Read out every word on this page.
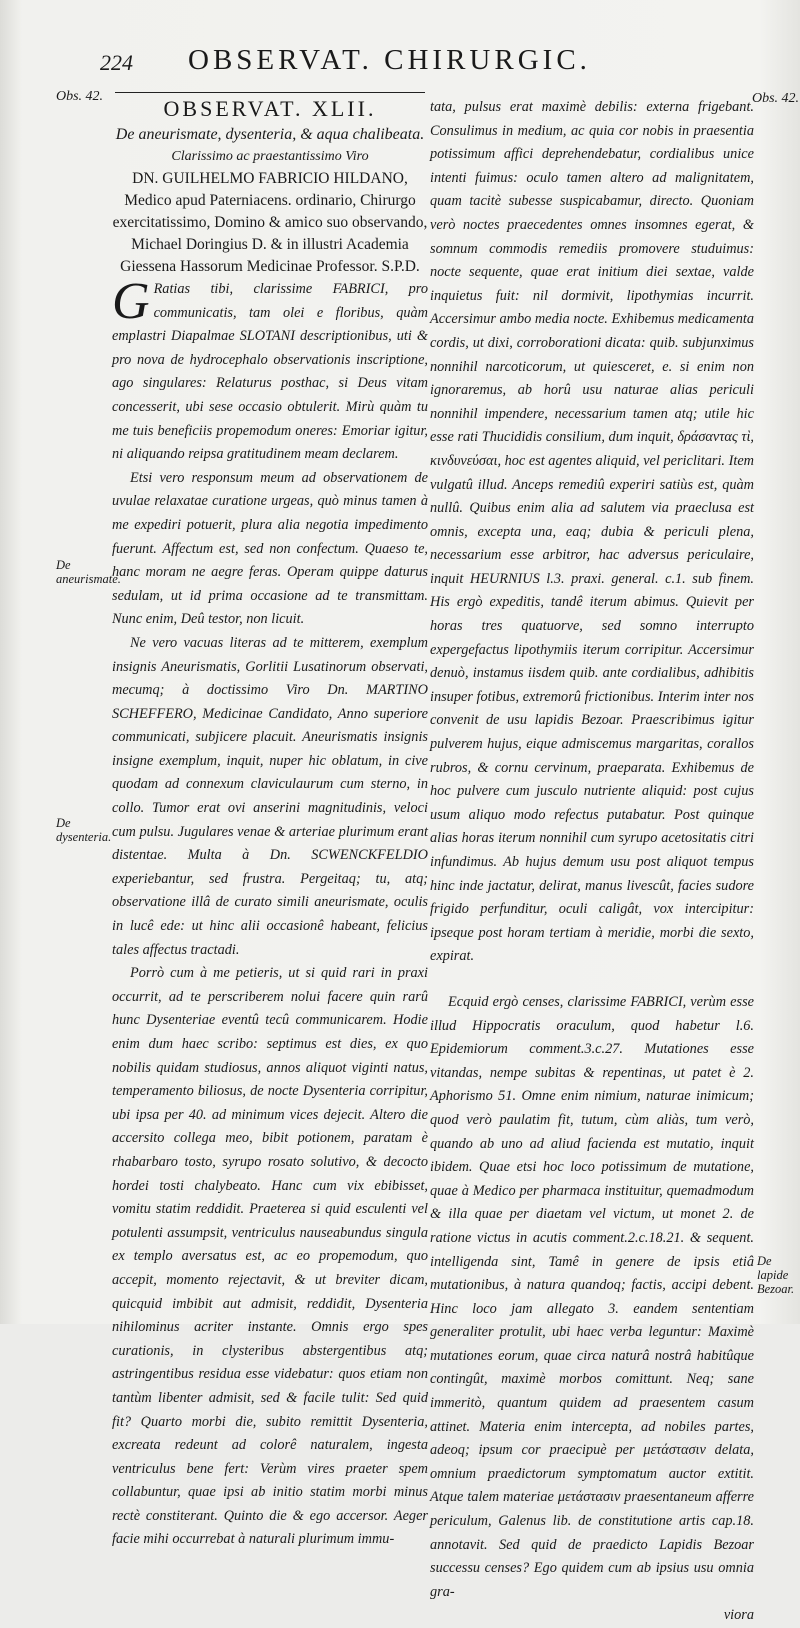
224 OBSERVAT. CHIRURGIC.
Obs. 42.	Obs. 42.
De aneurismate.
De dysenteria.
De lapide Bezoar.

OBSERVAT. XLII.

De aneurismate, dysenteria, & aqua chalibeata.

Clarissimo ac praestantissimo Viro

DN. GUILHELMO FABRICIO HILDANO, Medico apud Paterniacens. ordinario, Chirurgo exercitatissimo, Domino & amico suo observando, Michael Doringius D. & in illustri Academia Giessena Hassorum Medicinae Professor. S.P.D.

G Ratias tibi, clarissime FABRICI, pro communicatis, tam olei e floribus, quàm emplastri Diapalmae SLOTANI descriptionibus, uti & pro nova de hydrocephalo observationis inscriptione, ago singulares: Relaturus posthac, si Deus vitam concesserit, ubi sese occasio obtulerit. Mirù quàm tu me tuis beneficiis propemodum oneres: Emoriar igitur, ni aliquando reipsa gratitudinem meam declarem.

Etsi vero responsum meum ad observationem de uvulae relaxatae curatione urgeas, quò minus tamen à me expediri potuerit, plura alia negotia impedimento fuerunt. Affectum est, sed non confectum. Quaeso te, hanc moram ne aegre feras. Operam quippe daturus sedulam, ut id prima occasione ad te transmittam. Nunc enim, Deû testor, non licuit.

Ne vero vacuas literas ad te mitterem, exemplum insignis Aneurismatis, Gorlitii Lusatinorum observati, mecumq; à doctissimo Viro Dn. MARTINO SCHEFFERO, Medicinae Candidato, Anno superiore communicati, subjicere placuit. Aneurismatis insignis insigne exemplum, inquit, nuper hic oblatum, in cive quodam ad connexum claviculaurum cum sterno, in collo. Tumor erat ovi anserini magnitudinis, veloci cum pulsu. Jugulares venae & arteriae plurimum erant distentae. Multa à Dn. SCWENCKFELDIO experiebantur, sed frustra. Pergeitaq; tu, atq; observatione illâ de curato simili aneurismate, oculis in lucê ede: ut hinc alii occasionê habeant, felicius tales affectus tractadi.

Porrò cum à me petieris, ut si quid rari in praxi occurrit, ad te perscriberem nolui facere quin rarû hunc Dysenteriae eventû tecû communicarem. Hodie enim dum haec scribo: septimus est dies, ex quo nobilis quidam studiosus, annos aliquot viginti natus, temperamento biliosus, de nocte Dysenteria corripitur, ubi ipsa per 40. ad minimum vices dejecit. Altero die accersito collega meo, bibit potionem, paratam è rhabarbaro tosto, syrupo rosato solutivo, & decocto hordei tosti chalybeato. Hanc cum vix ebibisset, vomitu statim reddidit. Praeterea si quid esculenti vel potulenti assumpsit, ventriculus nauseabundus singula ex templo aversatus est, ac eo propemodum, quo accepit, momento rejectavit, & ut breviter dicam, quicquid imbibit aut admisit, reddidit, Dysenteria nihilominus acriter instante. Omnis ergo spes curationis, in clysteribus abstergentibus atq; astringentibus residua esse videbatur: quos etiam non tantùm libenter admisit, sed & facile tulit: Sed quid fit? Quarto morbi die, subito remittit Dysenteria, excreata redeunt ad colorê naturalem, ingesta ventriculus bene fert: Verùm vires praeter spem collabuntur, quae ipsi ab initio statim morbi minus rectè constiterant. Quinto die & ego accersor. Aeger facie mihi occurrebat à naturali plurimum immu-

tata, pulsus erat maximè debilis: externa frigebant. Consulimus in medium, ac quia cor nobis in praesentia potissimum affici deprehendebatur, cordialibus unice intenti fuimus: oculo tamen altero ad malignitatem, quam tacitè subesse suspicabamur, directo. Quoniam verò noctes praecedentes omnes insomnes egerat, & somnum commodis remediis promovere studuimus: nocte sequente, quae erat initium diei sextae, valde inquietus fuit: nil dormivit, lipothymias incurrit. Accersimur ambo media nocte. Exhibemus medicamenta cordis, ut dixi, corroborationi dicata: quib. subjunximus nonnihil narcoticorum, ut quiesceret, e. si enim non ignoraremus, ab horû usu naturae alias periculi nonnihil impendere, necessarium tamen atq; utile hic esse rati Thucididis consilium, dum inquit, δράσαντας τὶ, κινδυνεύσαι, hoc est agentes aliquid, vel periclitari. Item vulgatû illud. Anceps remediû experiri satiùs est, quàm nullû. Quibus enim alia ad salutem via praeclusa est omnis, excepta una, eaq; dubia & periculi plena, necessarium esse arbitror, hac adversus periculaire, inquit HEURNIUS l.3. praxi. general. c.1. sub finem. His ergò expeditis, tandê iterum abimus. Quievit per horas tres quatuorve, sed somno interrupto expergefactus lipothymiis iterum corripitur. Accersimur denuò, instamus iisdem quib. ante cordialibus, adhibitis insuper fotibus, extremorû frictionibus. Interim inter nos convenit de usu lapidis Bezoar. Praescribimus igitur pulverem hujus, eique admiscemus margaritas, corallos rubros, & cornu cervinum, praeparata. Exhibemus de hoc pulvere cum jusculo nutriente aliquid: post cujus usum aliquo modo refectus putabatur. Post quinque alias horas iterum nonnihil cum syrupo acetositatis citri infundimus. Ab hujus demum usu post aliquot tempus hinc inde jactatur, delirat, manus livescût, facies sudore frigido perfunditur, oculi caligât, vox intercipitur: ipseque post horam tertiam à meridie, morbi die sexto, expirat.

Ecquid ergò censes, clarissime FABRICI, verùm esse illud Hippocratis oraculum, quod habetur l.6. Epidemiorum comment.3.c.27. Mutationes esse vitandas, nempe subitas & repentinas, ut patet è 2. Aphorismo 51. Omne enim nimium, naturae inimicum; quod verò paulatim fit, tutum, cùm aliàs, tum verò, quando ab uno ad aliud facienda est mutatio, inquit ibidem. Quae etsi hoc loco potissimum de mutatione, quae à Medico per pharmaca instituitur, quemadmodum & illa quae per diaetam vel victum, ut monet 2. de ratione victus in acutis comment.2.c.18.21. & sequent. intelligenda sint, Tamê in genere de ipsis etiâ mutationibus, à natura quandoq; factis, accipi debent. Hinc loco jam allegato 3. eandem sententiam generaliter protulit, ubi haec verba leguntur: Maximè mutationes eorum, quae circa naturâ nostrâ habitûque contingût, maximè morbos comittunt. Neq; sane immeritò, quantum quidem ad praesentem casum attinet. Materia enim intercepta, ad nobiles partes, adeoq; ipsum cor praecipuè per μετάστασιν delata, omnium praedictorum symptomatum auctor extitit. Atque talem materiae μετάστασιν praesentaneum afferre periculum, Galenus lib. de constitutione artis cap.18. annotavit. Sed quid de praedicto Lapidis Bezoar successu censes? Ego quidem cum ab ipsius usu omnia gra-

viora
